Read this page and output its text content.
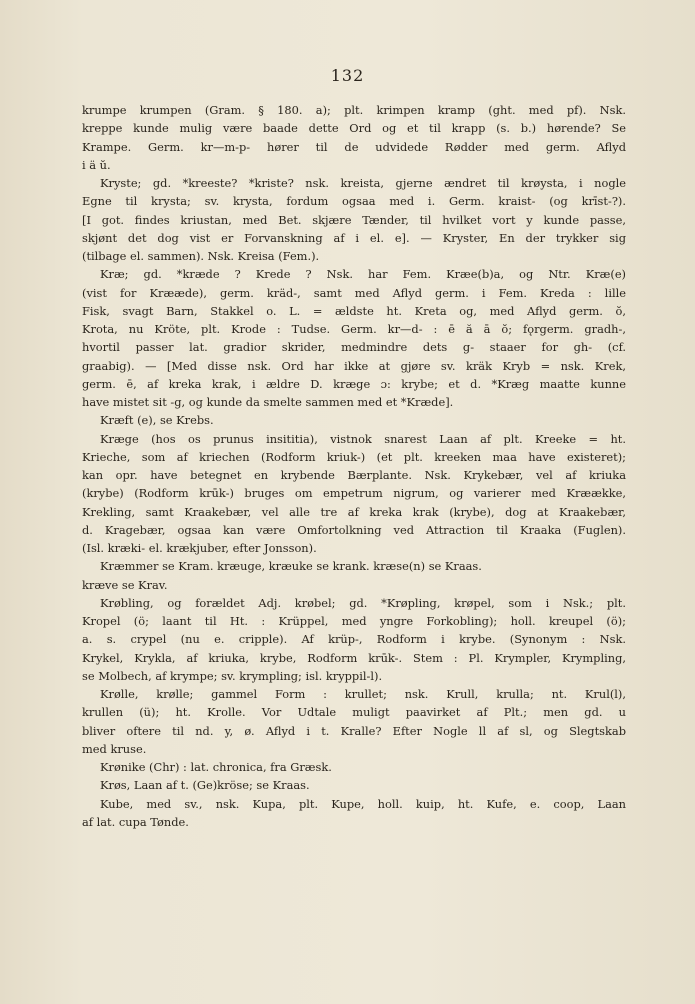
132
krumpe krumpen (Gram. § 180. a); plt. krimpen kramp (ght. med pf). Nsk.
kreppe kunde mulig være baade dette Ord og et til krapp (s. b.) hørende? Se
Krampe. Germ. kr—m-p- hører til de udvidede Rødder med germ. Aflyd
i ä ŭ.
Kryste; gd. *kreeste? *kriste? nsk. kreista, gjerne ændret til krøysta, i nogle
Egne til krysta; sv. krysta, fordum ogsaa med i. Germ. kraist- (og krīst-?).
[I got. findes kriustan, med Bet. skjære Tænder, til hvilket vort y kunde passe,
skjønt det dog vist er Forvanskning af i el. e]. — Kryster, En der trykker sig
(tilbage el. sammen). Nsk. Kreisa (Fem.).
Kræ; gd. *kræde ? Krede ? Nsk. har Fem. Kræe(b)a, og Ntr. Kræ(e)
(vist for Krææde), germ. kräd-, samt med Aflyd germ. i Fem. Kreda : lille
Fisk, svagt Barn, Stakkel o. L. = ældste ht. Kreta og, med Aflyd germ. ŏ,
Krota, nu Kröte, plt. Krode : Tudse. Germ. kr—d- : ē ă ā ŏ; fǫrgerm. gradh-,
hvortil passer lat. gradior skrider, medmindre dets g- staaer for gh- (cf.
graabig). — [Med disse nsk. Ord har ikke at gjøre sv. kräk Kryb = nsk. Krek,
germ. ē, af kreka krak, i ældre D. kræge ɔ: krybe; et d. *Kræg maatte kunne
have mistet sit -g, og kunde da smelte sammen med et *Kræde].
Kræft (e), se Krebs.
Kræge (hos os prunus insititia), vistnok snarest Laan af plt. Kreeke = ht.
Krieche, som af kriechen (Rodform kriuk-) (et plt. kreeken maa have existeret);
kan opr. have betegnet en krybende Bærplante. Nsk. Krykebær, vel af kriuka
(krybe) (Rodform krūk-) bruges om empetrum nigrum, og varierer med Kræække,
Krekling, samt Kraakebær, vel alle tre af kreka krak (krybe), dog at Kraakebær,
d. Kragebær, ogsaa kan være Omfortolkning ved Attraction til Kraaka (Fuglen).
(Isl. kræki- el. krækjuber, efter Jonsson).
Kræmmer se Kram. kræuge, kræuke se krank. kræse(n) se Kraas.
kræve se Krav.
Krøbling, og forældet Adj. krøbel; gd. *Krøpling, krøpel, som i Nsk.; plt.
Kropel (ö; laant til Ht. : Krüppel, med yngre Forkobling); holl. kreupel (ö);
a. s. crypel (nu e. cripple). Af krüp-, Rodform i krybe. (Synonym : Nsk.
Krykel, Krykla, af kriuka, krybe, Rodform krūk-. Stem : Pl. Krympler, Krympling,
se Molbech, af krympe; sv. krympling; isl. kryppil-l).
Krølle, krølle; gammel Form : krullet; nsk. Krull, krulla; nt. Krul(l),
krullen (ü); ht. Krolle. Vor Udtale muligt paavirket af Plt.; men gd. u
bliver oftere til nd. y, ø. Aflyd i t. Kralle? Efter Nogle ll af sl, og Slegtskab
med kruse.
Krønike (Chr) : lat. chronica, fra Græsk.
Krøs, Laan af t. (Ge)kröse; se Kraas.
Kube, med sv., nsk. Kupa, plt. Kupe, holl. kuip, ht. Kufe, e. coop, Laan
af lat. cupa Tønde.
